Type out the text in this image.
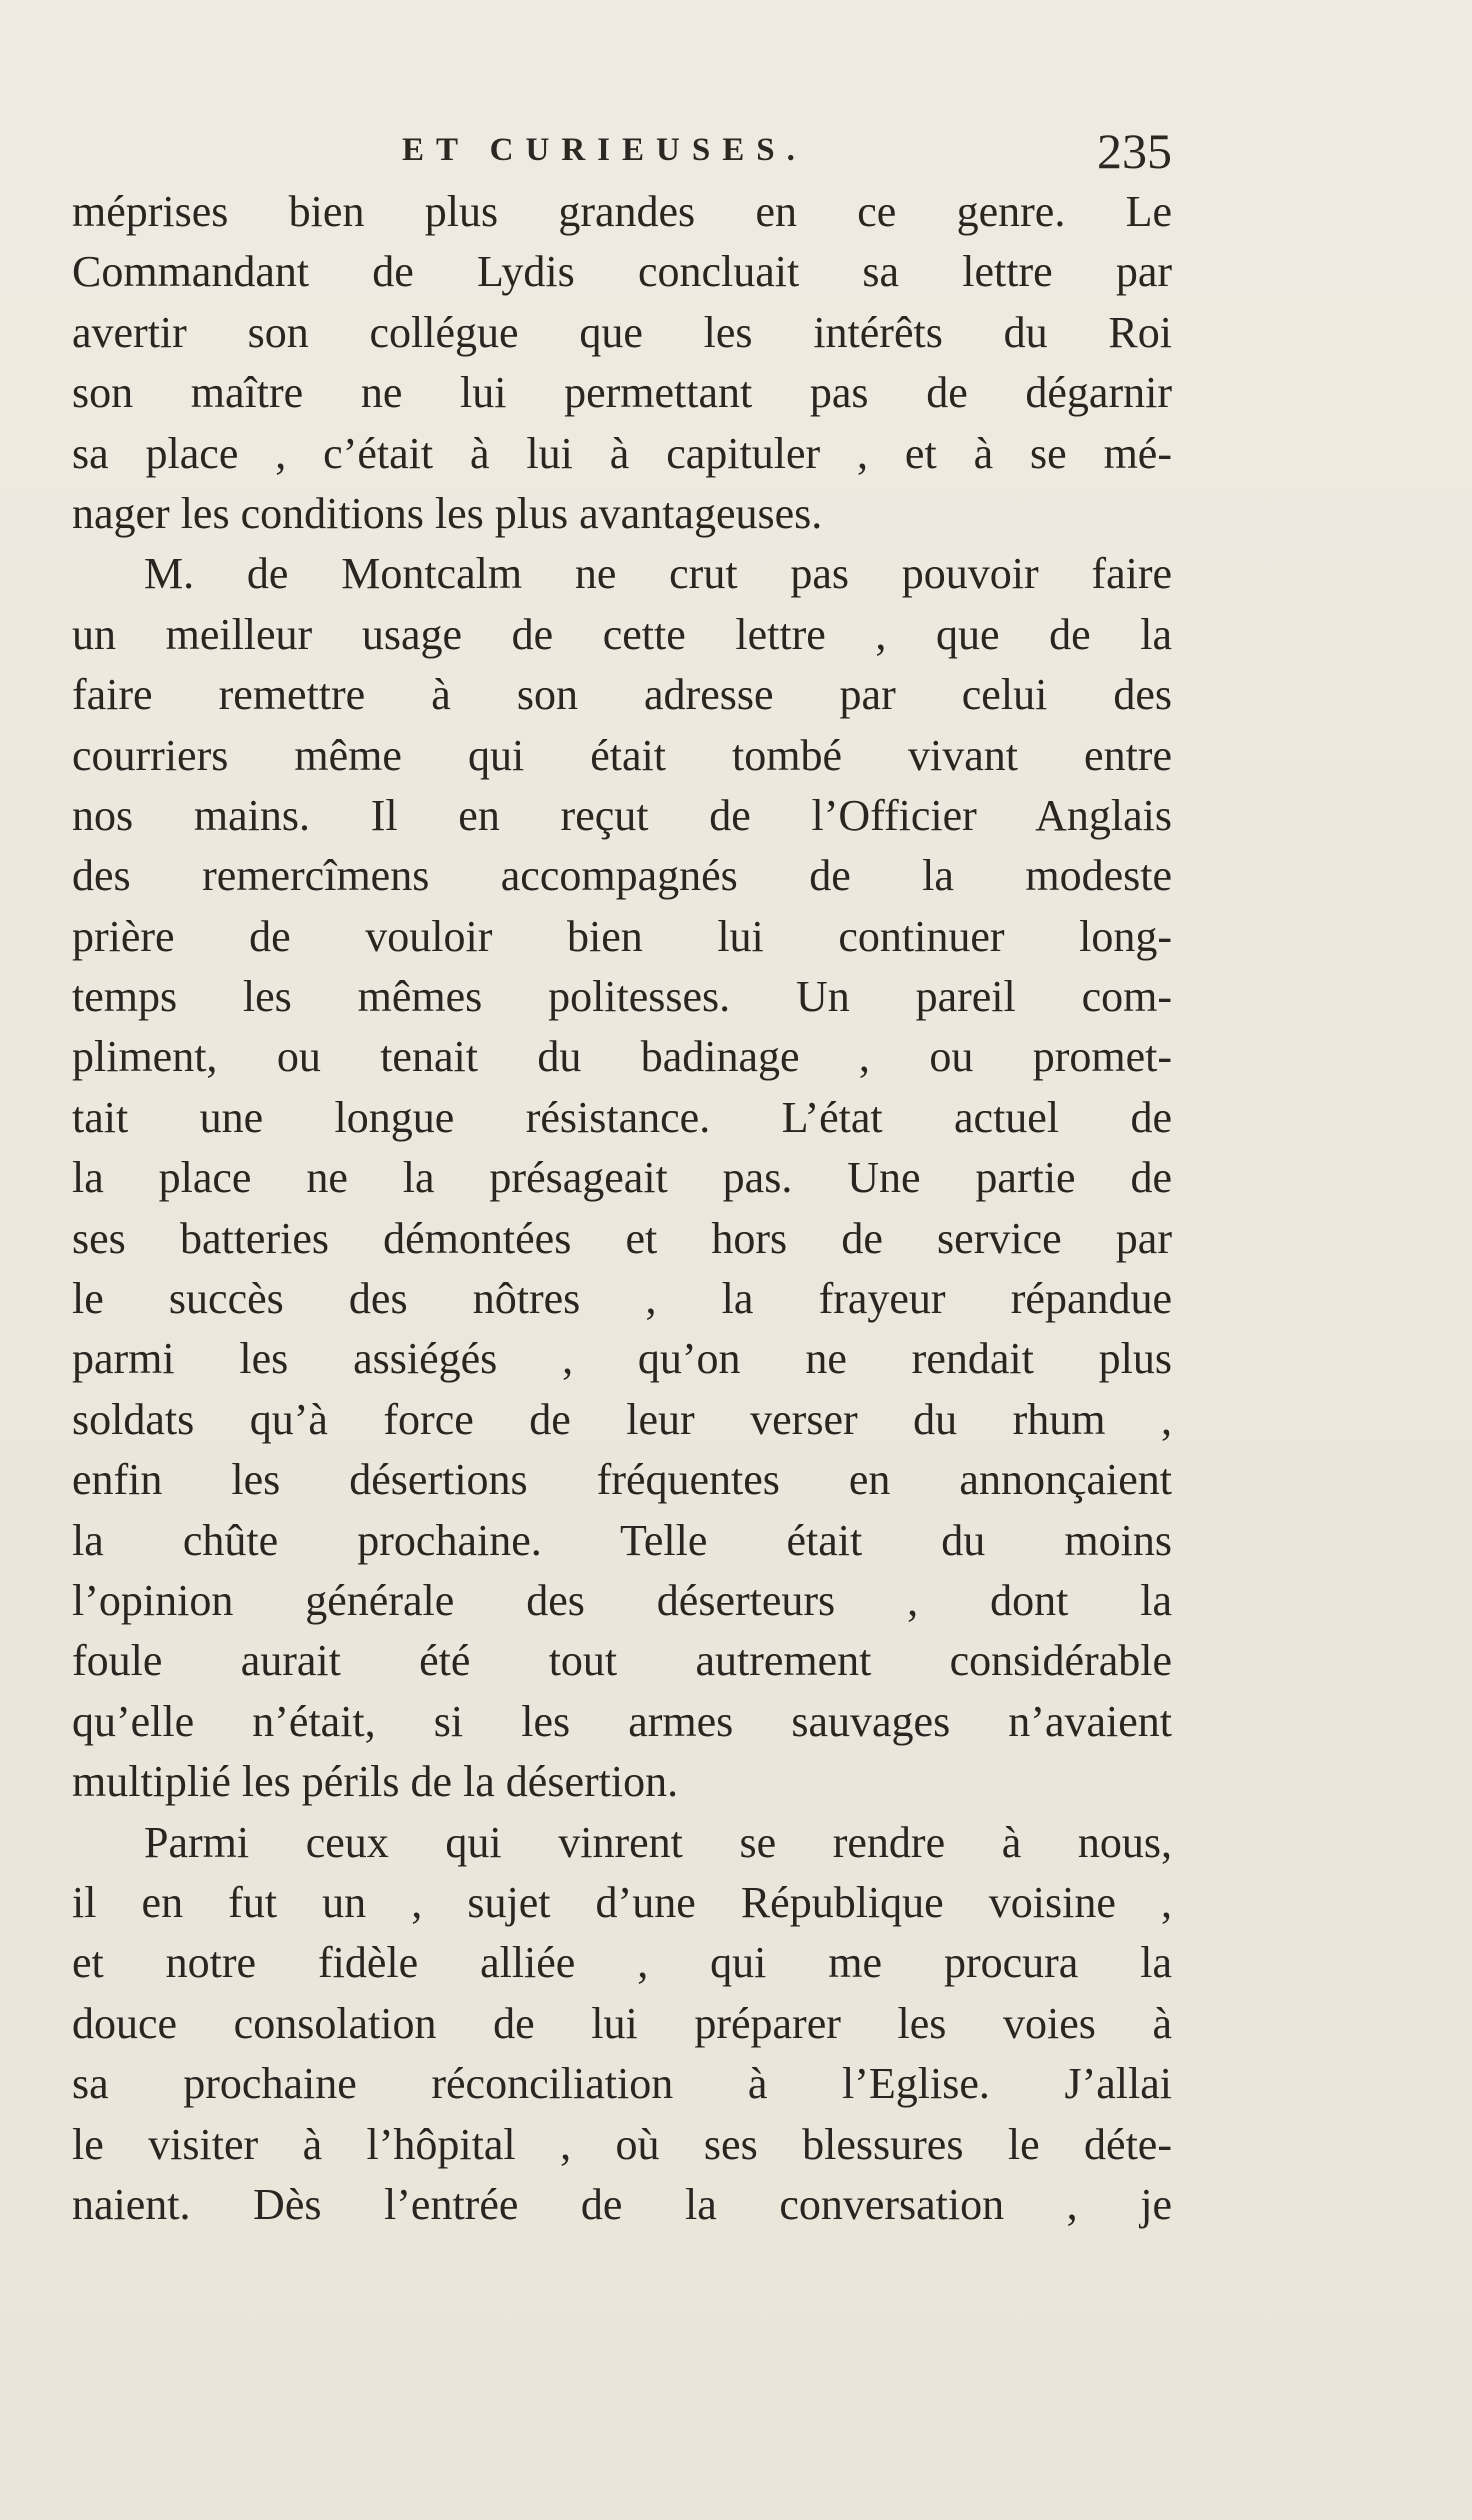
ET CURIEUSES.	235
méprises bien plus grandes en ce genre. Le
Commandant de Lydis concluait sa lettre par
avertir son collégue que les intérêts du Roi
son maître ne lui permettant pas de dégarnir
sa place , c’était à lui à capituler , et à se mé-
nager les conditions les plus avantageuses.
M. de Montcalm ne crut pas pouvoir faire
un meilleur usage de cette lettre , que de la
faire remettre à son adresse par celui des
courriers même qui était tombé vivant entre
nos mains. Il en reçut de l’Officier Anglais
des remercîmens accompagnés de la modeste
prière de vouloir bien lui continuer long-
temps les mêmes politesses. Un pareil com-
pliment, ou tenait du badinage , ou promet-
tait une longue résistance. L’état actuel de
la place ne la présageait pas. Une partie de
ses batteries démontées et hors de service par
le succès des nôtres , la frayeur répandue
parmi les assiégés , qu’on ne rendait plus
soldats qu’à force de leur verser du rhum ,
enfin les désertions fréquentes en annonçaient
la chûte prochaine. Telle était du moins
l’opinion générale des déserteurs , dont la
foule aurait été tout autrement considérable
qu’elle n’était, si les armes sauvages n’avaient
multiplié les périls de la désertion.
Parmi ceux qui vinrent se rendre à nous,
il en fut un , sujet d’une République voisine ,
et notre fidèle alliée , qui me procura la
douce consolation de lui préparer les voies à
sa prochaine réconciliation à l’Eglise. J’allai
le visiter à l’hôpital , où ses blessures le déte-
naient. Dès l’entrée de la conversation , je
